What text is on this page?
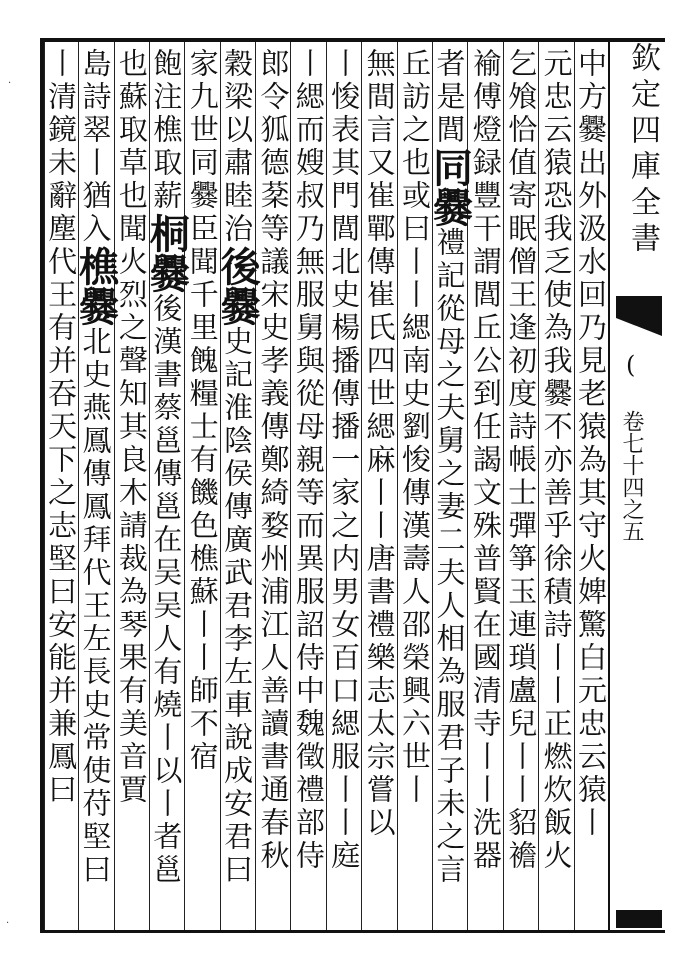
中方爨出外汲水回乃見老猿為其守火婢驚白元忠云猿丨
元忠云猿恐我乏使為我爨不亦善乎徐積詩丨丨正燃炊飯火
乞飧恰值寄眠僧王逢初度詩帳士彈箏玉連瑣盧兒丨丨貂襜
褕傅燈録豐干謂閭丘公到任謁文殊普賢在國清寺丨丨洗器
者是閭同爨禮記從母之夫舅之妻二夫人相為服君子未之言
丘訪之也或曰丨丨緦南史劉悛傳漢壽人邵榮興六世丨
無間言又崔鄲傳崔氏四世緦麻丨丨唐書禮樂志太宗嘗以
丨悛表其門閭北史楊播傳播一家之内男女百口緦服丨丨庭
丨緦而嫂叔乃無服舅與從母親等而異服詔侍中魏徵禮部侍
郎令狐德棻等議宋史孝義傳鄭綺婺州浦江人善讀書通春秋
穀梁以肅睦治後爨史記淮陰侯傳廣武君李左車說成安君曰
家九世同爨臣聞千里餽糧士有饑色樵蘇丨丨師不宿
飽注樵取薪桐爨後漢書蔡邕傳邕在吴吴人有燒丨以丨者邕
也蘇取草也聞火烈之聲知其良木請裁為琴果有美音賈
島詩翠丨猶入樵爨北史燕鳳傳鳳拜代王左長史常使苻堅曰
丨清鏡未辭塵代王有并吞天下之志堅曰安能并兼鳳曰
欽定四庫全書
(
卷七十四之五
·
·
